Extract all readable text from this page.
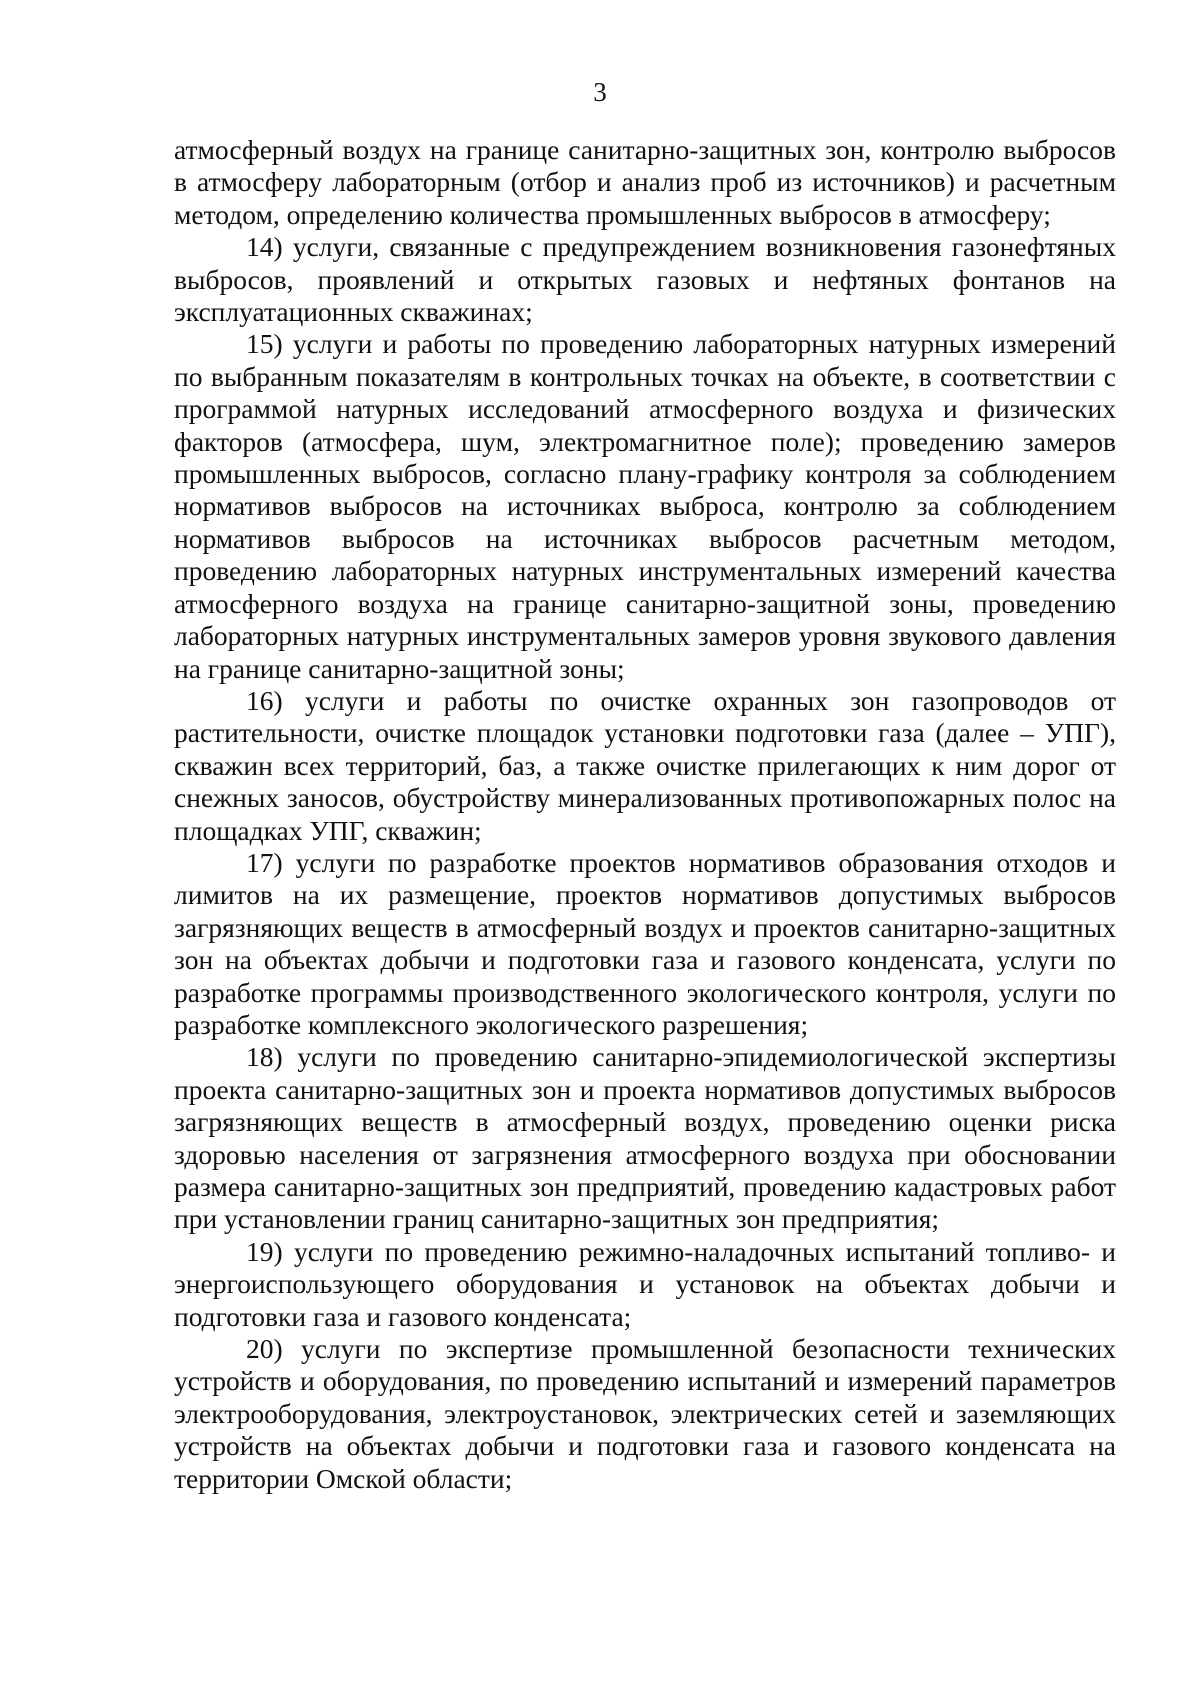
3

атмосферный воздух на границе санитарно-защитных зон, контролю выбросов в атмосферу лабораторным (отбор и анализ проб из источников) и расчетным методом, определению количества промышленных выбросов в атмосферу;

14) услуги, связанные с предупреждением возникновения газонефтяных выбросов, проявлений и открытых газовых и нефтяных фонтанов на эксплуатационных скважинах;

15) услуги и работы по проведению лабораторных натурных измерений по выбранным показателям в контрольных точках на объекте, в соответствии с программой натурных исследований атмосферного воздуха и физических факторов (атмосфера, шум, электромагнитное поле); проведению замеров промышленных выбросов, согласно плану-графику контроля за соблюдением нормативов выбросов на источниках выброса, контролю за соблюдением нормативов выбросов на источниках выбросов расчетным методом, проведению лабораторных натурных инструментальных измерений качества атмосферного воздуха на границе санитарно-защитной зоны, проведению лабораторных натурных инструментальных замеров уровня звукового давления на границе санитарно-защитной зоны;

16) услуги и работы по очистке охранных зон газопроводов от растительности, очистке площадок установки подготовки газа (далее – УПГ), скважин всех территорий, баз, а также очистке прилегающих к ним дорог от снежных заносов, обустройству минерализованных противопожарных полос на площадках УПГ, скважин;

17) услуги по разработке проектов нормативов образования отходов и лимитов на их размещение, проектов нормативов допустимых выбросов загрязняющих веществ в атмосферный воздух и проектов санитарно-защитных зон на объектах добычи и подготовки газа и газового конденсата, услуги по разработке программы производственного экологического контроля, услуги по разработке комплексного экологического разрешения;

18) услуги по проведению санитарно-эпидемиологической экспертизы проекта санитарно-защитных зон и проекта нормативов допустимых выбросов загрязняющих веществ в атмосферный воздух, проведению оценки риска здоровью населения от загрязнения атмосферного воздуха при обосновании размера санитарно-защитных зон предприятий, проведению кадастровых работ при установлении границ санитарно-защитных зон предприятия;

19) услуги по проведению режимно-наладочных испытаний топливо- и энергоиспользующего оборудования и установок на объектах добычи и подготовки газа и газового конденсата;

20) услуги по экспертизе промышленной безопасности технических устройств и оборудования, по проведению испытаний и измерений параметров электрооборудования, электроустановок, электрических сетей и заземляющих устройств на объектах добычи и подготовки газа и газового конденсата на территории Омской области;
